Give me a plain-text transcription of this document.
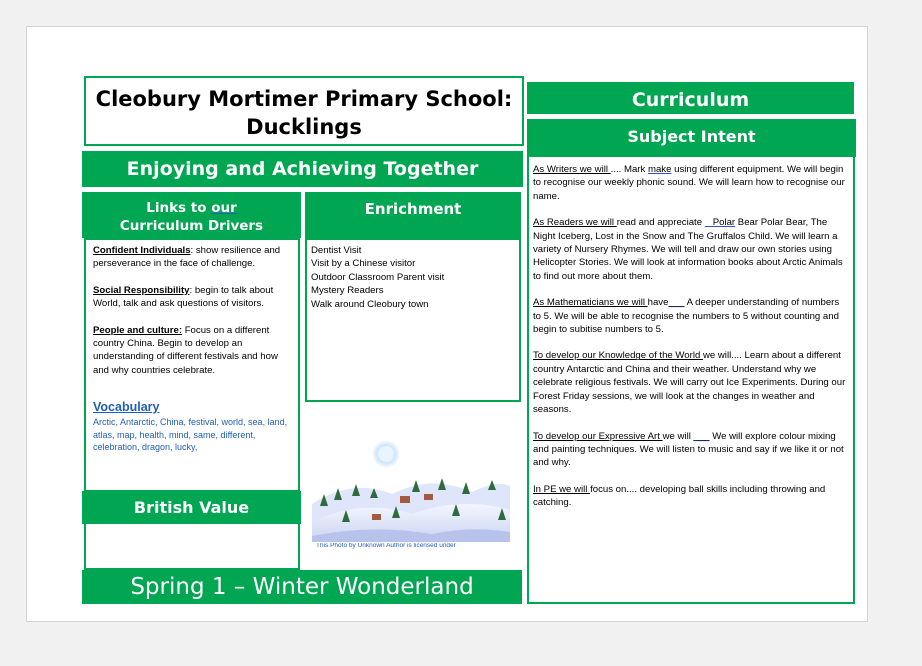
Cleobury Mortimer Primary School:
Ducklings
Enjoying and Achieving Together
Links to our
Curriculum Drivers

Confident Individuals: show resilience and perseverance in the face of challenge.

Social Responsibility: begin to talk about World, talk and ask questions of visitors.

People and culture: Focus on a different country China. Begin to develop an understanding of different festivals and how and why countries celebrate.

Vocabulary
Arctic, Antarctic, China, festival, world, sea, land, atlas, map, health, mind, same, different, celebration, dragon, lucky,
British Value
Enrichment
Dentist Visit
Visit by a Chinese visitor
Outdoor Classroom Parent visit
Mystery Readers
Walk around Cleobury town
This Photo by Unknown Author is licensed under
Spring 1 – Winter Wonderland
Curriculum
Subject Intent

As Writers we will .... Mark make using different equipment. We will begin to recognise our weekly phonic sound. We will learn how to recognise our name.

As Readers we will read and appreciate    Polar Bear Polar Bear, The Night Iceberg, Lost in the Snow and The Gruffalos Child. We will learn a variety of Nursery Rhymes. We will tell and draw our own stories using Helicopter Stories. We will look at information books about Arctic Animals to find out more about them.

As Mathematicians we will have___ A deeper understanding of numbers to 5. We will be able to recognise the numbers to 5 without counting and begin to subitise numbers to 5.

To develop our Knowledge of the World we will.... Learn about a different country Antarctic and China and their weather. Understand why we celebrate religious festivals. We will carry out Ice Experiments. During our Forest Friday sessions, we will look at the changes in weather and seasons.

To develop our Expressive Art we will ___ We will explore colour mixing and painting techniques. We will listen to music and say if we like it or not and why.

In PE we will focus on.... developing ball skills including throwing and catching.
